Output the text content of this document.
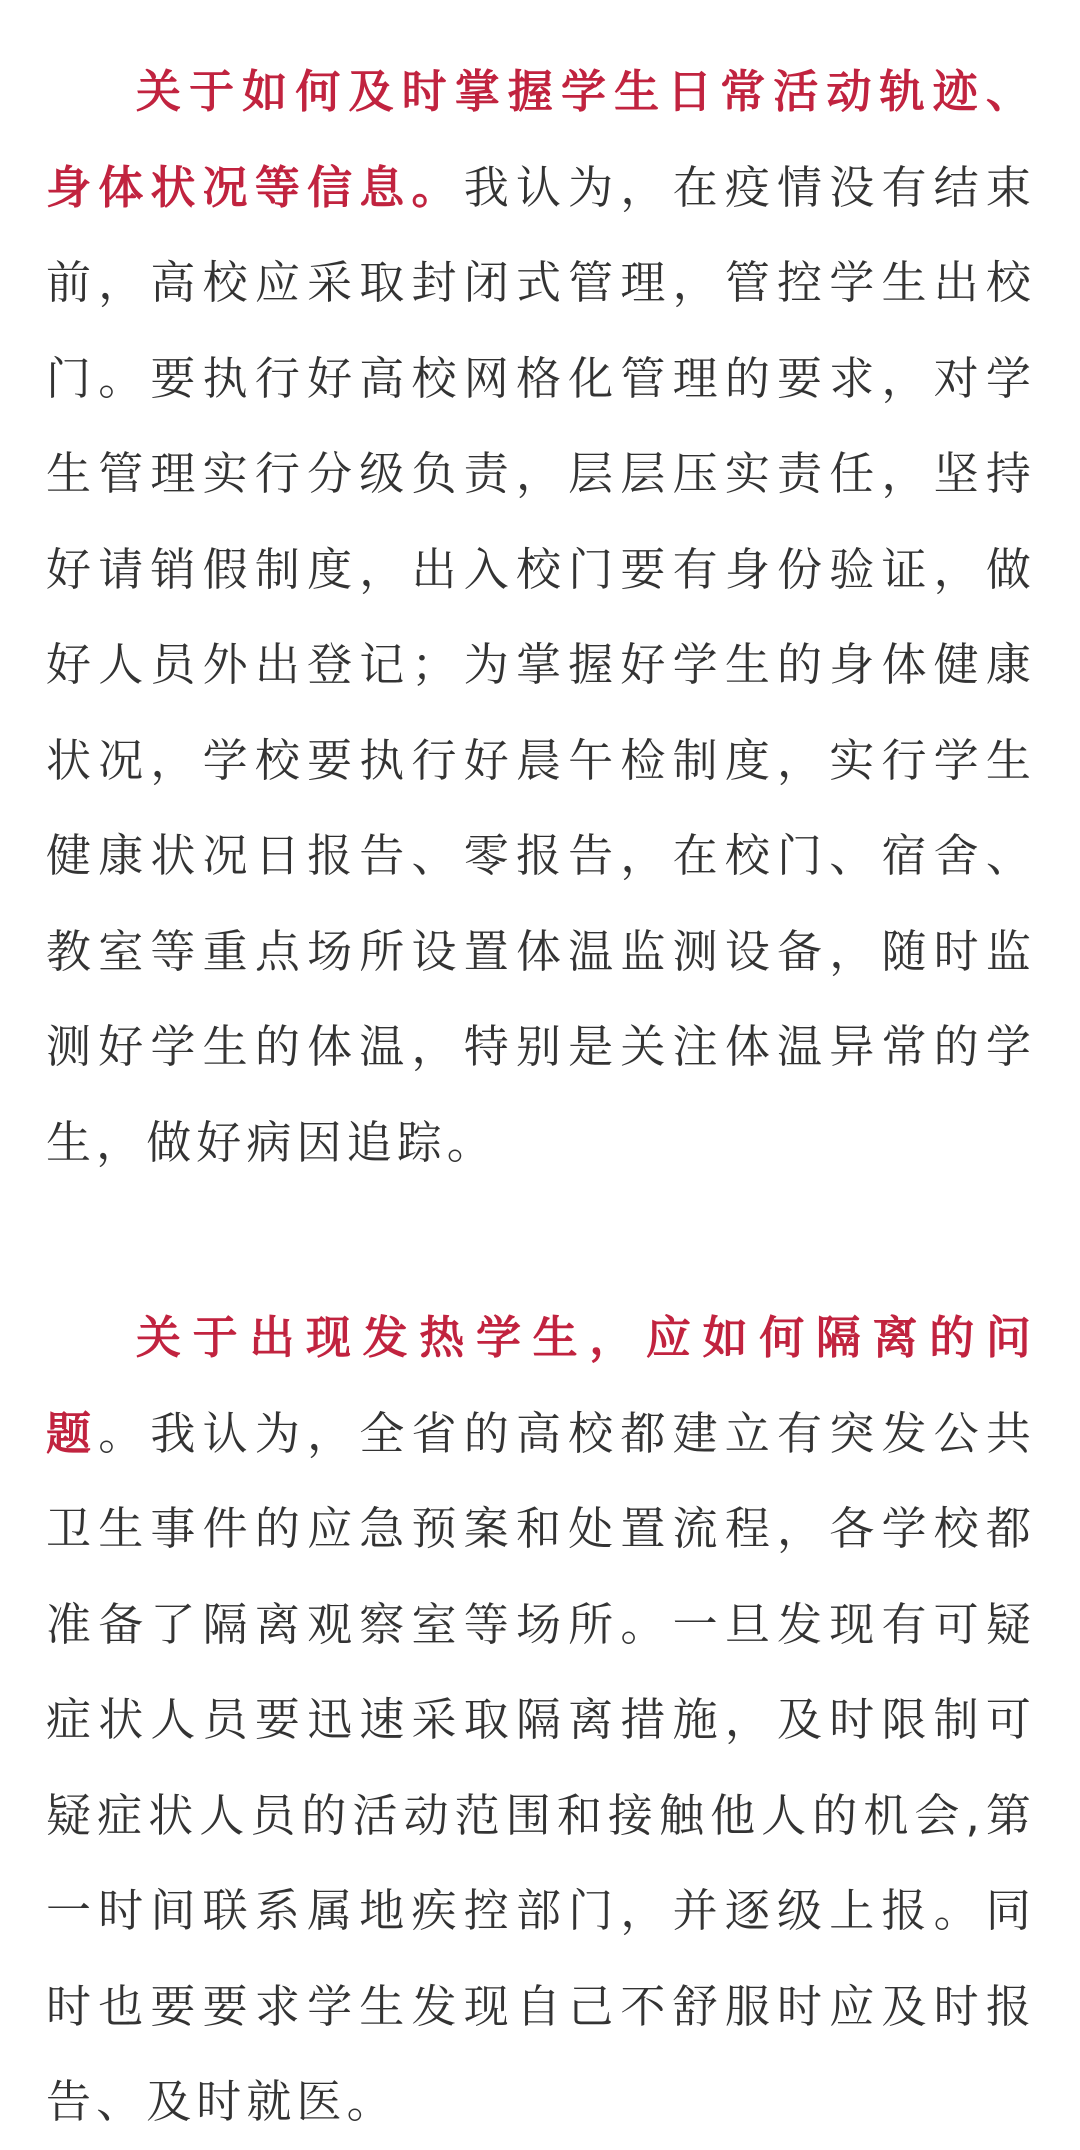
关于如何及时掌握学生日常活动轨迹、身体状况等信息。我认为，在疫情没有结束前，高校应采取封闭式管理，管控学生出校门。要执行好高校网格化管理的要求，对学生管理实行分级负责，层层压实责任，坚持好请销假制度，出入校门要有身份验证，做好人员外出登记；为掌握好学生的身体健康状况，学校要执行好晨午检制度，实行学生健康状况日报告、零报告，在校门、宿舍、教室等重点场所设置体温监测设备，随时监测好学生的体温，特别是关注体温异常的学生，做好病因追踪。

关于出现发热学生，应如何隔离的问题。我认为，全省的高校都建立有突发公共卫生事件的应急预案和处置流程，各学校都准备了隔离观察室等场所。一旦发现有可疑症状人员要迅速采取隔离措施，及时限制可疑症状人员的活动范围和接触他人的机会,第一时间联系属地疾控部门，并逐级上报。同时也要要求学生发现自己不舒服时应及时报告、及时就医。
